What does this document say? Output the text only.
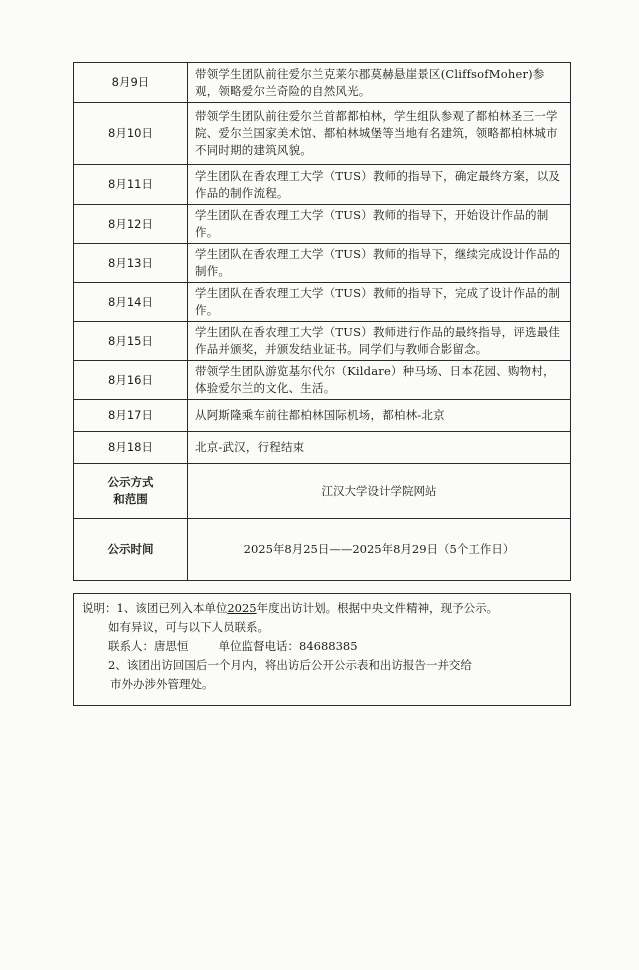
8月9日	带领学生团队前往爱尔兰克莱尔郡莫赫悬崖景区(CliffsofMoher)参观，领略爱尔兰奇险的自然风光。
8月10日	带领学生团队前往爱尔兰首都都柏林，学生组队参观了都柏林圣三一学院、爱尔兰国家美术馆、都柏林城堡等当地有名建筑，领略都柏林城市不同时期的建筑风貌。
8月11日	学生团队在香农理工大学（TUS）教师的指导下，确定最终方案，以及作品的制作流程。
8月12日	学生团队在香农理工大学（TUS）教师的指导下，开始设计作品的制作。
8月13日	学生团队在香农理工大学（TUS）教师的指导下，继续完成设计作品的制作。
8月14日	学生团队在香农理工大学（TUS）教师的指导下，完成了设计作品的制作。
8月15日	学生团队在香农理工大学（TUS）教师进行作品的最终指导，评选最佳作品并颁奖，并颁发结业证书。同学们与教师合影留念。
8月16日	带领学生团队游览基尔代尔（Kildare）种马场、日本花园、购物村，体验爱尔兰的文化、生活。
8月17日	从阿斯隆乘车前往都柏林国际机场，都柏林-北京
8月18日	北京-武汉，行程结束

公示方式
和范围	江汉大学设计学院网站
公示时间	2025年8月25日——2025年8月29日（5个工作日）

说明：1、该团已列入本单位2025年度出访计划。根据中央文件精神，现予公示。

如有异议，可与以下人员联系。

联系人：唐思恒	单位监督电话：84688385

2、该团出访回国后一个月内，将出访后公开公示表和出访报告一并交给

市外办涉外管理处。
